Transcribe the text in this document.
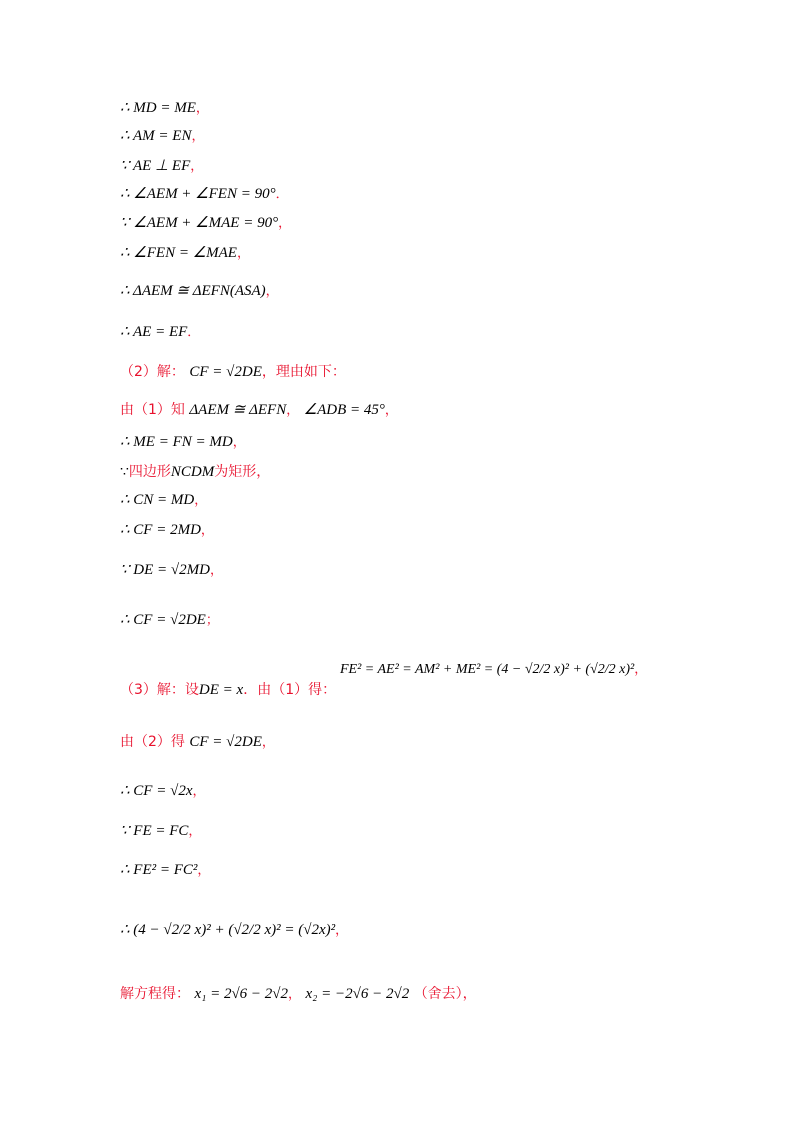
∴ MD = ME，
∴ AM = EN，
∵ AE ⊥ EF，
∴ ∠AEM + ∠FEN = 90°．
∵ ∠AEM + ∠MAE = 90°，
∴ ∠FEN = ∠MAE，
∴ ΔAEM ≅ ΔEFN(ASA)，
∴ AE = EF．
（2）解： CF = √2DE，理由如下：
由（1）知 ΔAEM ≅ ΔEFN， ∠ADB = 45°，
∴ ME = FN = MD，
∵四边形NCDM为矩形，
∴ CN = MD，
∴ CF = 2MD，
∵ DE = √2MD，
∴ CF = √2DE；
（3）解：设DE = x．由（1）得：
FE² = AE² = AM² + ME² = (4 − √2/2 x)² + (√2/2 x)²，
由（2）得 CF = √2DE，
∴ CF = √2x，
∵ FE = FC，
∴ FE² = FC²，
∴ (4 − √2/2 x)² + (√2/2 x)² = (√2x)²，
解方程得： x₁ = 2√6 − 2√2， x₂ = −2√6 − 2√2 （舍去），
